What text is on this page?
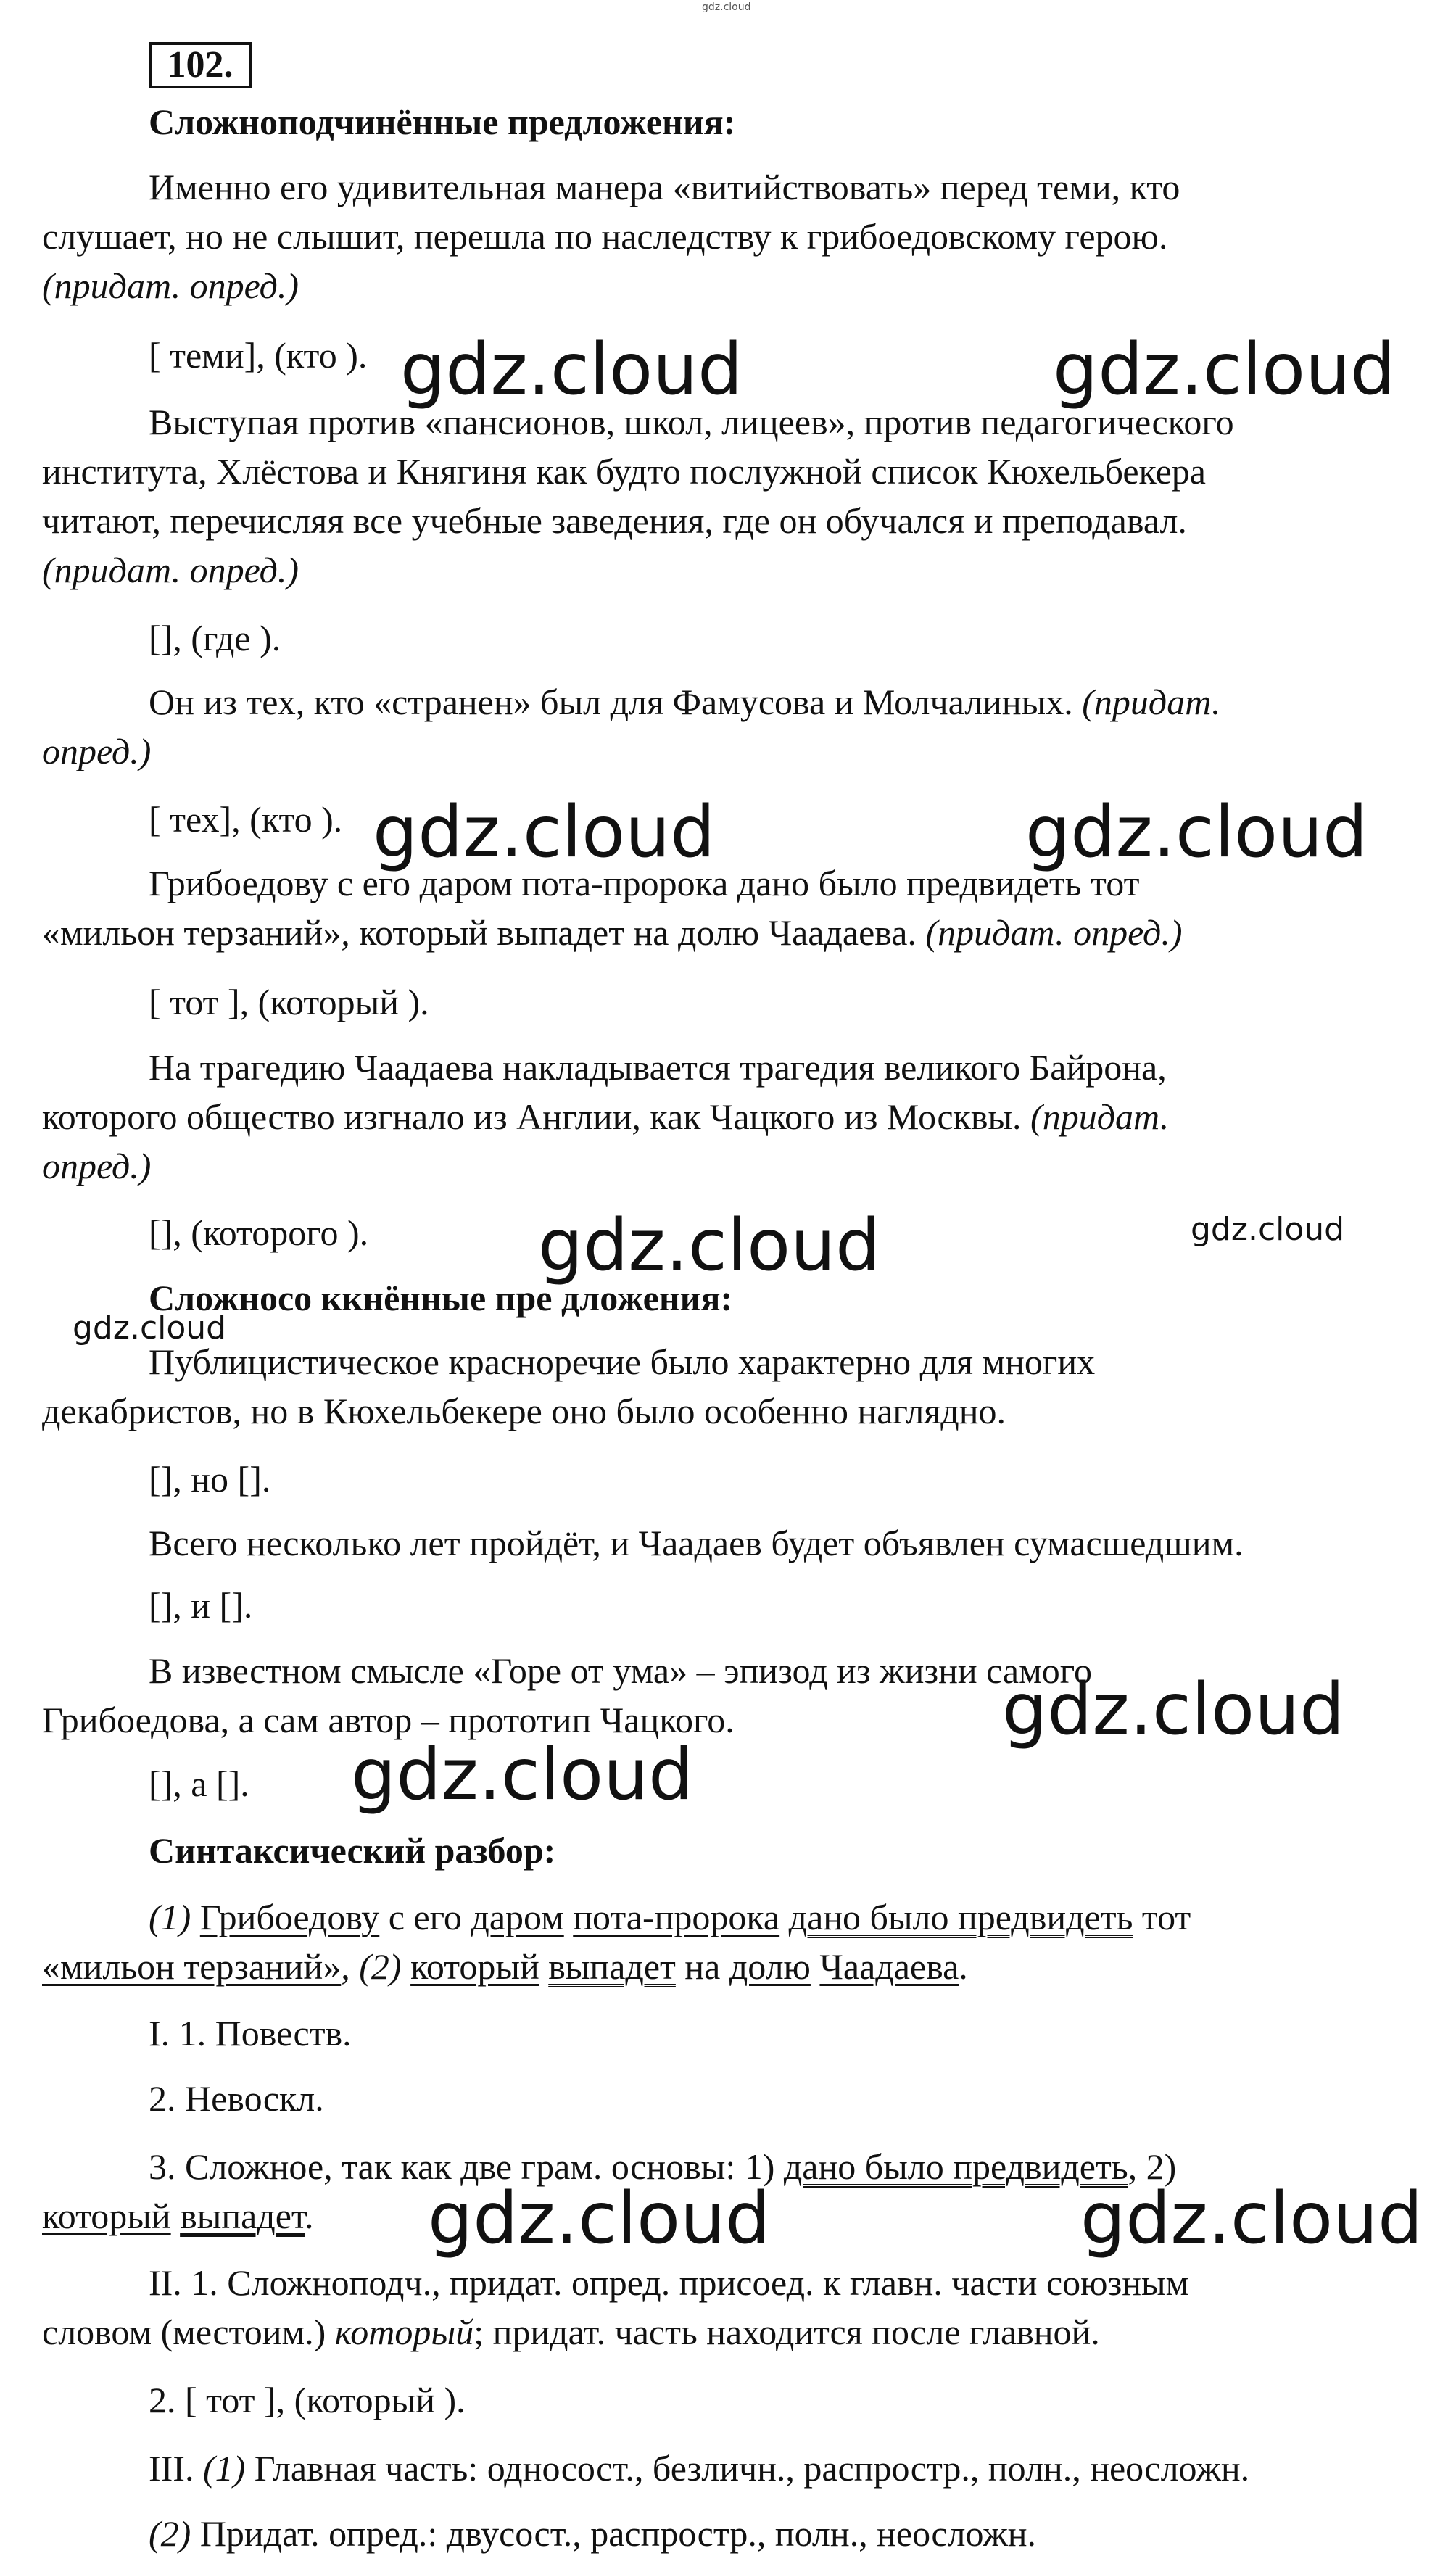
gdz.cloud
102.
Сложноподчинённые предложения:
Именно его удивительная манера «витийствовать» перед теми, кто
слушает, но не слышит, перешла по наследству к грибоедовскому герою.
(придат. опред.)
[ теми], (кто ).
Выступая против «пансионов, школ, лицеев», против педагогического
института, Хлёстова и Княгиня как будто послужной список Кюхельбекера
читают, перечисляя все учебные заведения, где он обучался и преподавал.
(придат. опред.)
[], (где ).
Он из тех, кто «странен» был для Фамусова и Молчалиных. (придат.
опред.)
[ тех], (кто ).
Грибоедову с его даром пота-пророка дано было предвидеть тот
«мильон терзаний», который выпадет на долю Чаадаева. (придат. опред.)
[ тот ], (который ).
На трагедию Чаадаева накладывается трагедия великого Байрона,
которого общество изгнало из Англии, как Чацкого из Москвы. (придат.
опред.)
[], (которого ).
Сложносо ккнённые пре дложения:
Публицистическое красноречие было характерно для многих
декабристов, но в Кюхельбекере оно было особенно наглядно.
[], но [].
Всего несколько лет пройдёт, и Чаадаев будет объявлен сумасшедшим.
[], и [].
В известном смысле «Горе от ума» – эпизод из жизни самого
Грибоедова, а сам автор – прототип Чацкого.
[], а [].
Синтаксический разбор:
(1) Грибоедову с его даром пота-пророка дано было предвидеть тот
«мильон терзаний», (2) который выпадет на долю Чаадаева.
I. 1. Повеств.
2. Невоскл.
3. Сложное, так как две грам. основы: 1) дано было предвидеть, 2)
который выпадет.
II. 1. Сложноподч., придат. опред. присоед. к главн. части союзным
словом (местоим.) который; придат. часть находится после главной.
2. [ тот ], (который ).
III. (1) Главная часть: односост., безличн., распростр., полн., неосложн.
(2) Придат. опред.: двусост., распростр., полн., неосложн.
gdz.cloud	gdz.cloud
gdz.cloud	gdz.cloud
gdz.cloud	gdz.cloud
gdz.cloud
gdz.cloud
gdz.cloud
gdz.cloud	gdz.cloud
